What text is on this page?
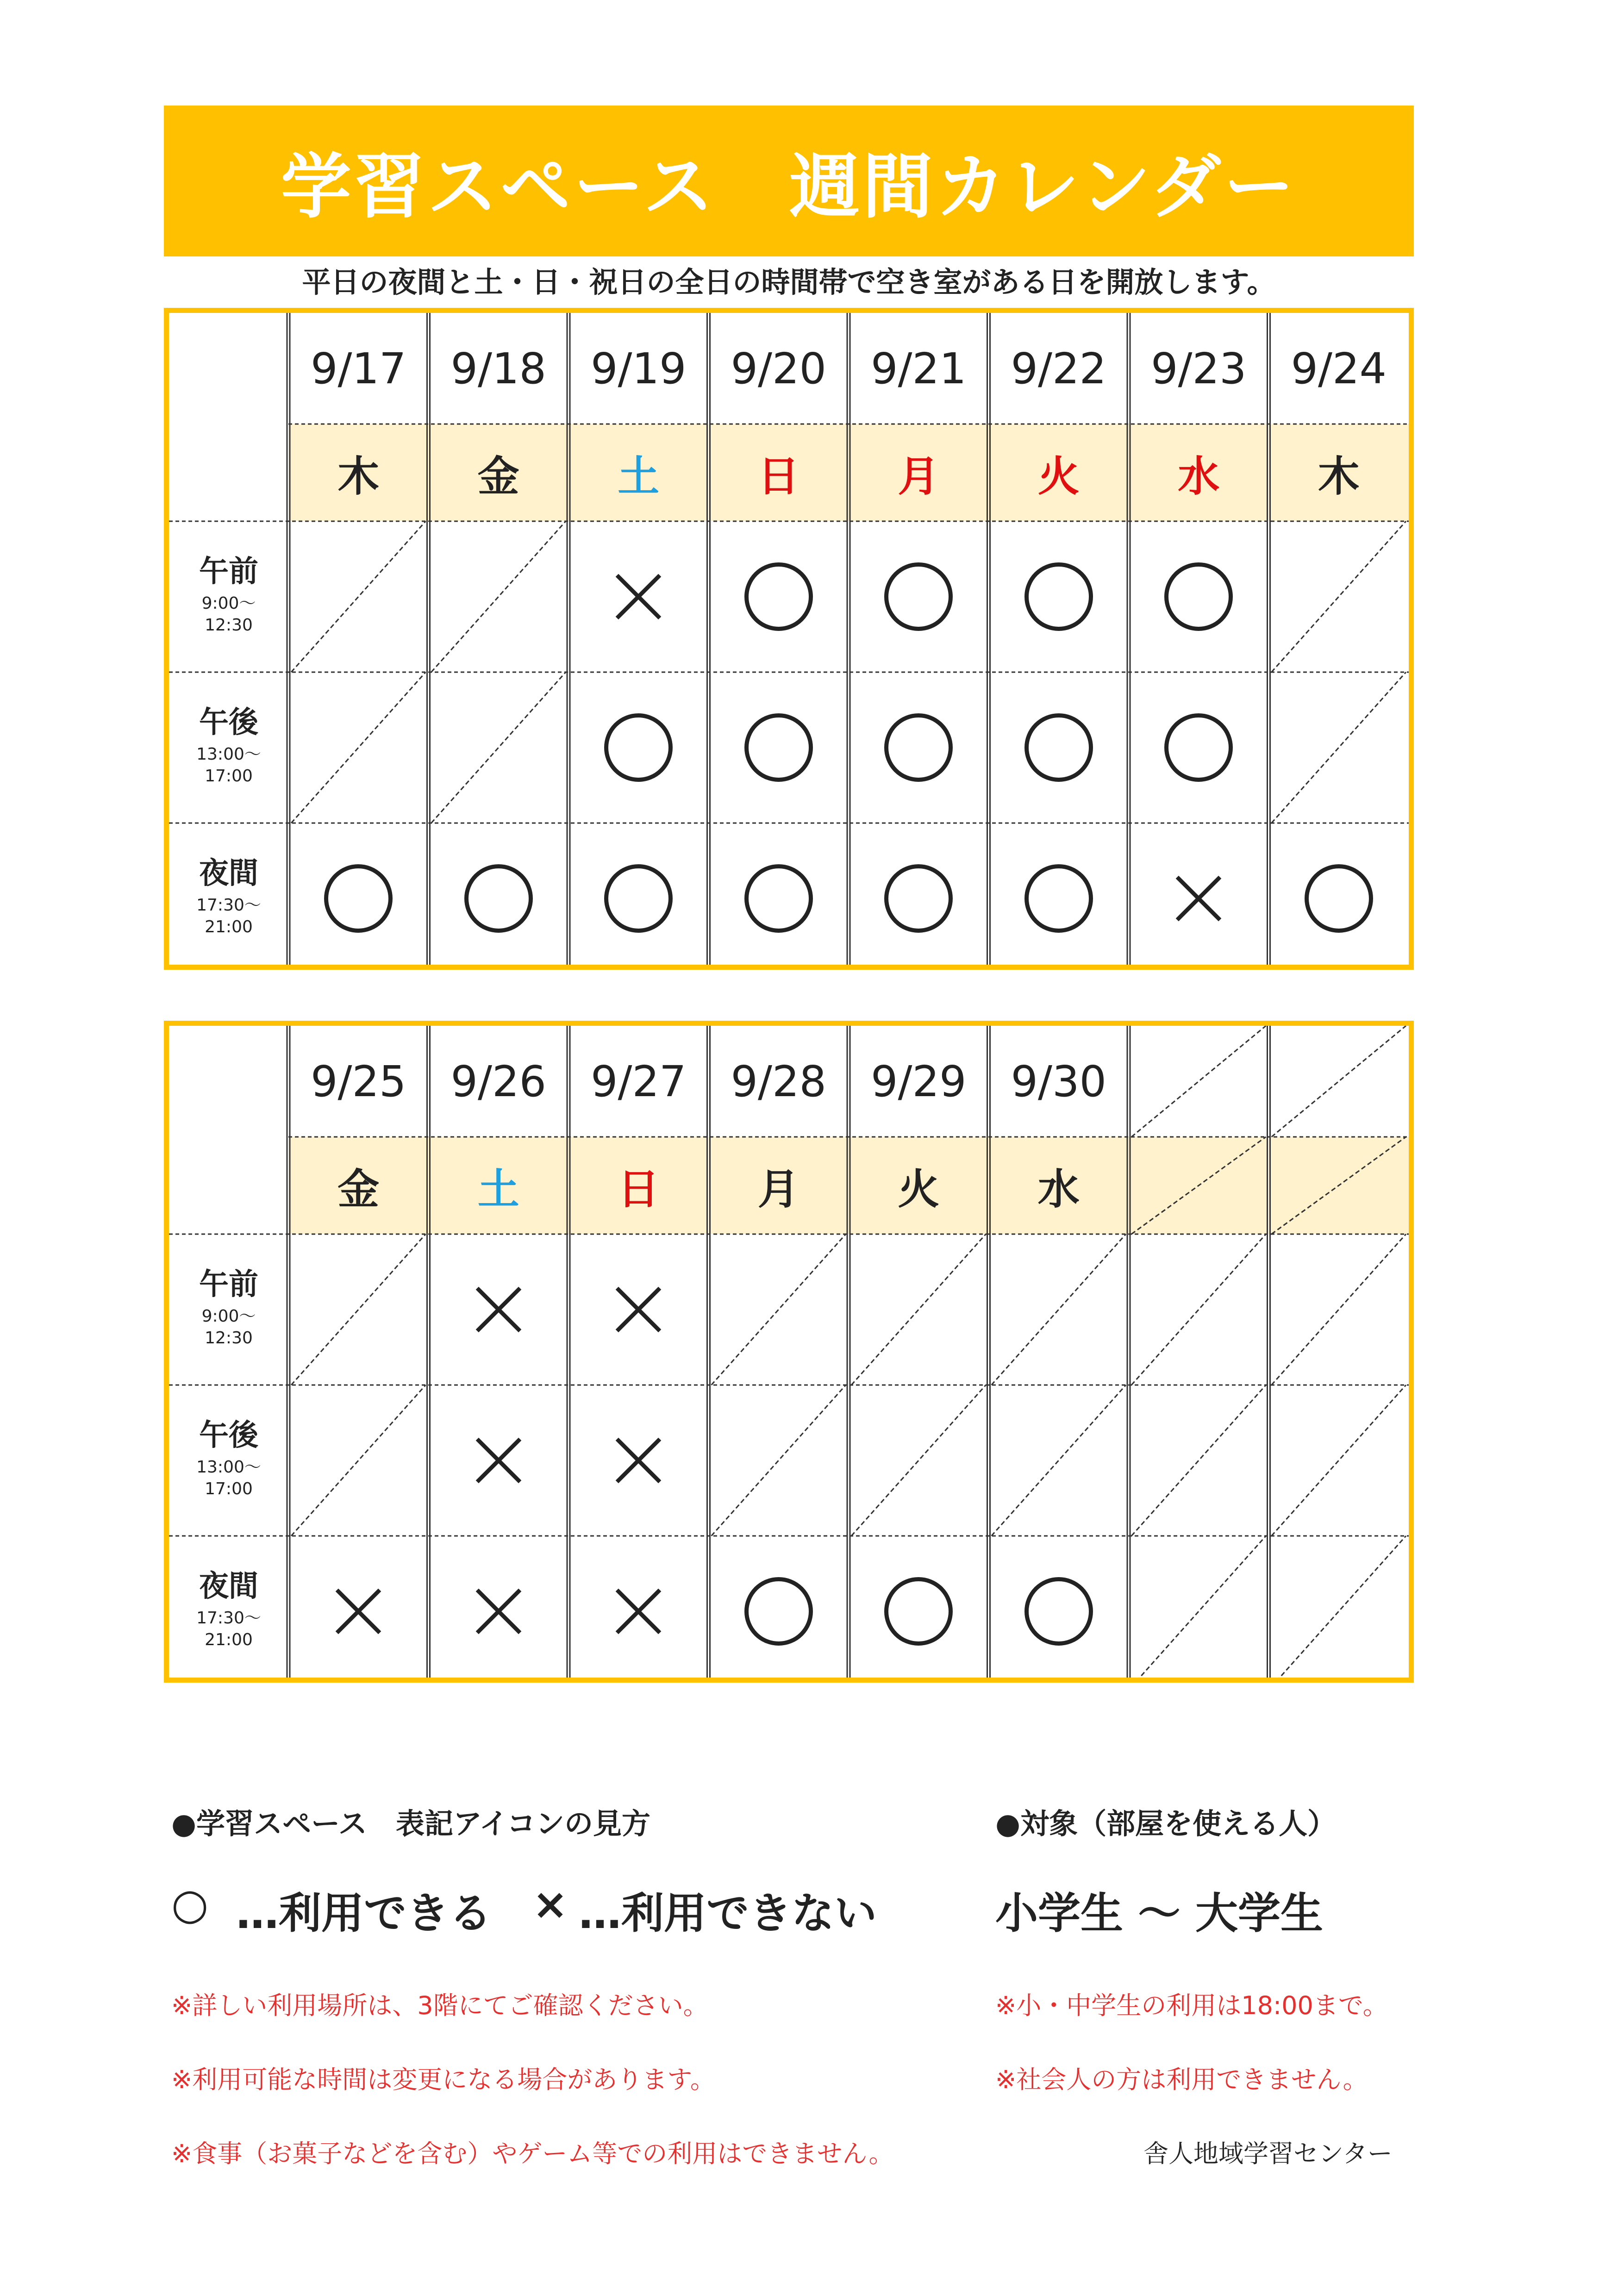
学習スペース　週間カレンダー
平日の夜間と土・日・祝日の全日の時間帯で空き室がある日を開放します。
午前
9:00〜
12:30
午後
13:00〜
17:00
夜間
17:30〜
21:00
9/17
木
9/18
金
9/19
土
9/20
日
9/21
月
9/22
火
9/23
水
9/24
木
午前
9:00〜
12:30
午後
13:00〜
17:00
夜間
17:30〜
21:00
9/25
金
9/26
土
9/27
日
9/28
月
9/29
火
9/30
水
●学習スペース　表記アイコンの見方
○ …利用できる × …利用できない
※詳しい利用場所は、3階にてご確認ください。
※利用可能な時間は変更になる場合があります。
※食事（お菓子などを含む）やゲーム等での利用はできません。
●対象（部屋を使える人）
小学生 〜 大学生
※小・中学生の利用は18:00まで。
※社会人の方は利用できません。
舎人地域学習センター
